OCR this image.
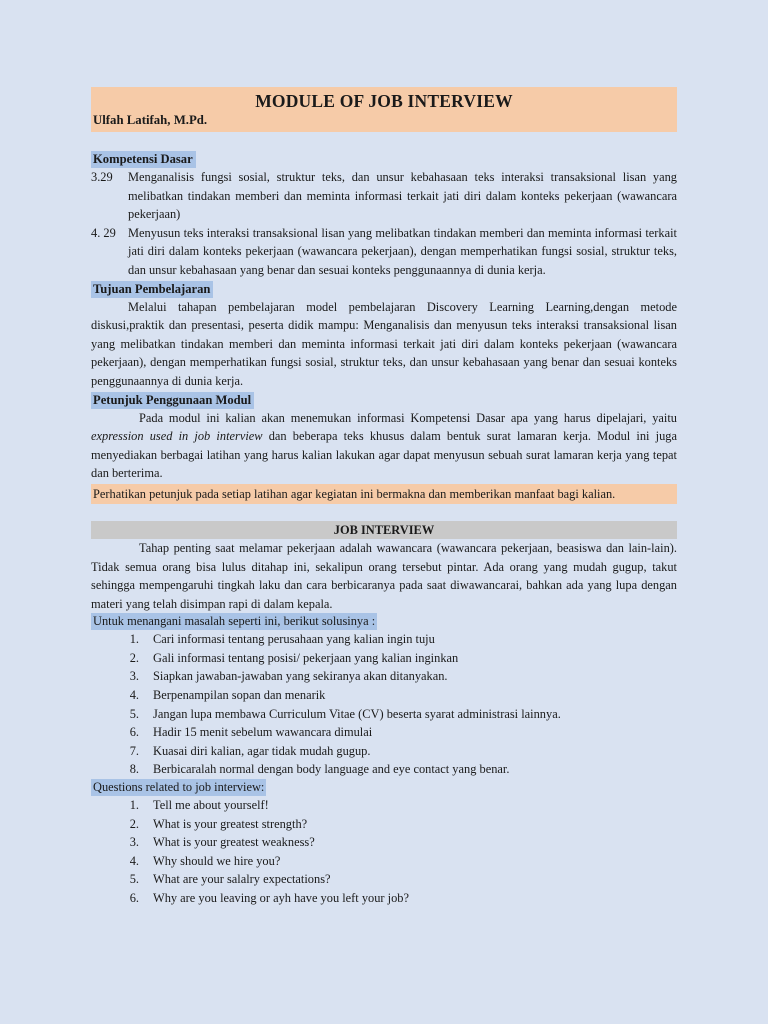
MODULE OF JOB INTERVIEW
Ulfah Latifah, M.Pd.
Kompetensi Dasar
3.29	Menganalisis fungsi sosial, struktur teks, dan unsur kebahasaan teks interaksi transaksional lisan yang melibatkan tindakan memberi dan meminta informasi terkait jati diri dalam konteks pekerjaan (wawancara pekerjaan)
4. 29 Menyusun teks interaksi transaksional lisan yang melibatkan tindakan memberi dan meminta informasi terkait jati diri dalam konteks pekerjaan (wawancara pekerjaan), dengan memperhatikan fungsi sosial, struktur teks, dan unsur kebahasaan yang benar dan sesuai konteks penggunaannya di dunia kerja.
Tujuan Pembelajaran

Melalui tahapan pembelajaran model pembelajaran Discovery Learning Learning,dengan metode diskusi,praktik dan presentasi, peserta didik mampu: Menganalisis dan menyusun teks interaksi transaksional lisan yang melibatkan tindakan memberi dan meminta informasi terkait jati diri dalam konteks pekerjaan (wawancara pekerjaan), dengan memperhatikan fungsi sosial, struktur teks, dan unsur kebahasaan yang benar dan sesuai konteks penggunaannya di dunia kerja.

Petunjuk Penggunaan Modul

Pada modul ini kalian akan menemukan informasi Kompetensi Dasar apa yang harus dipelajari, yaitu expression used in job interview dan beberapa teks khusus dalam bentuk surat lamaran kerja. Modul ini juga menyediakan berbagai latihan yang harus kalian lakukan agar dapat menyusun sebuah surat lamaran kerja yang tepat dan berterima.

Perhatikan petunjuk pada setiap latihan agar kegiatan ini bermakna dan memberikan manfaat bagi kalian.
JOB INTERVIEW

Tahap penting saat melamar pekerjaan adalah wawancara (wawancara pekerjaan, beasiswa dan lain-lain). Tidak semua orang bisa lulus ditahap ini, sekalipun orang tersebut pintar. Ada orang yang mudah gugup, takut sehingga mempengaruhi tingkah laku dan cara berbicaranya pada saat diwawancarai, bahkan ada yang lupa dengan materi yang telah disimpan rapi di dalam kepala.

Untuk menangani masalah seperti ini, berikut solusinya :
1.	Cari informasi tentang perusahaan yang kalian ingin tuju
2.	Gali informasi tentang posisi/ pekerjaan yang kalian inginkan
3.	Siapkan jawaban-jawaban yang sekiranya akan ditanyakan.
4.	Berpenampilan sopan dan menarik
5.	Jangan lupa membawa Curriculum Vitae (CV) beserta syarat administrasi lainnya.
6.	Hadir 15 menit sebelum wawancara dimulai
7.	Kuasai diri kalian, agar tidak mudah gugup.
8.	Berbicaralah normal dengan body language and eye contact yang benar.
Questions related to job interview:
1.	Tell me about yourself!
2.	What is your greatest strength?
3.	What is your greatest weakness?
4.	Why should we hire you?
5.	What are your salalry expectations?
6.	Why are you leaving or ayh have you left your job?
